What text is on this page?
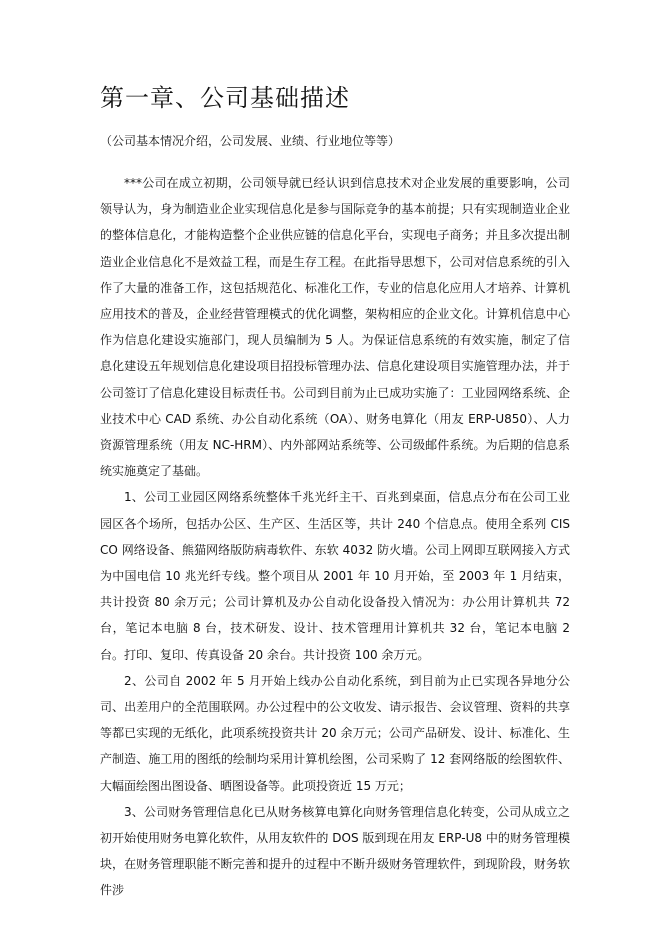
第一章、公司基础描述
（公司基本情况介绍，公司发展、业绩、行业地位等等）

***公司在成立初期，公司领导就已经认识到信息技术对企业发展的重要影响，公司领导认为，身为制造业企业实现信息化是参与国际竞争的基本前提；只有实现制造业企业的整体信息化，才能构造整个企业供应链的信息化平台，实现电子商务；并且多次提出制造业企业信息化不是效益工程，而是生存工程。在此指导思想下，公司对信息系统的引入作了大量的准备工作，这包括规范化、标准化工作，专业的信息化应用人才培养、计算机应用技术的普及，企业经营管理模式的优化调整，架构相应的企业文化。计算机信息中心作为信息化建设实施部门，现人员编制为 5 人。为保证信息系统的有效实施，制定了信息化建设五年规划信息化建设项目招投标管理办法、信息化建设项目实施管理办法，并于公司签订了信息化建设目标责任书。公司到目前为止已成功实施了：工业园网络系统、企业技术中心 CAD 系统、办公自动化系统（OA）、财务电算化（用友 ERP-U850）、人力资源管理系统（用友 NC-HRM）、内外部网站系统等、公司级邮件系统。为后期的信息系统实施奠定了基础。

1、公司工业园区网络系统整体千兆光纤主干、百兆到桌面，信息点分布在公司工业园区各个场所，包括办公区、生产区、生活区等，共计 240 个信息点。使用全系列 CISCO 网络设备、熊猫网络版防病毒软件、东软 4032 防火墙。公司上网即互联网接入方式为中国电信 10 兆光纤专线。整个项目从 2001 年 10 月开始，至 2003 年 1 月结束，共计投资 80 余万元；公司计算机及办公自动化设备投入情况为：办公用计算机共 72 台，笔记本电脑 8 台，技术研发、设计、技术管理用计算机共 32 台，笔记本电脑 2 台。打印、复印、传真设备 20 余台。共计投资 100 余万元。

2、公司自 2002 年 5 月开始上线办公自动化系统，到目前为止已实现各异地分公司、出差用户的全范围联网。办公过程中的公文收发、请示报告、会议管理、资料的共享等都已实现的无纸化，此项系统投资共计 20 余万元；公司产品研发、设计、标准化、生产制造、施工用的图纸的绘制均采用计算机绘图，公司采购了 12 套网络版的绘图软件、大幅面绘图出图设备、晒图设备等。此项投资近 15 万元；

3、公司财务管理信息化已从财务核算电算化向财务管理信息化转变，公司从成立之初开始使用财务电算化软件，从用友软件的 DOS 版到现在用友 ERP-U8 中的财务管理模块，在财务管理职能不断完善和提升的过程中不断升级财务管理软件，到现阶段，财务软件涉
